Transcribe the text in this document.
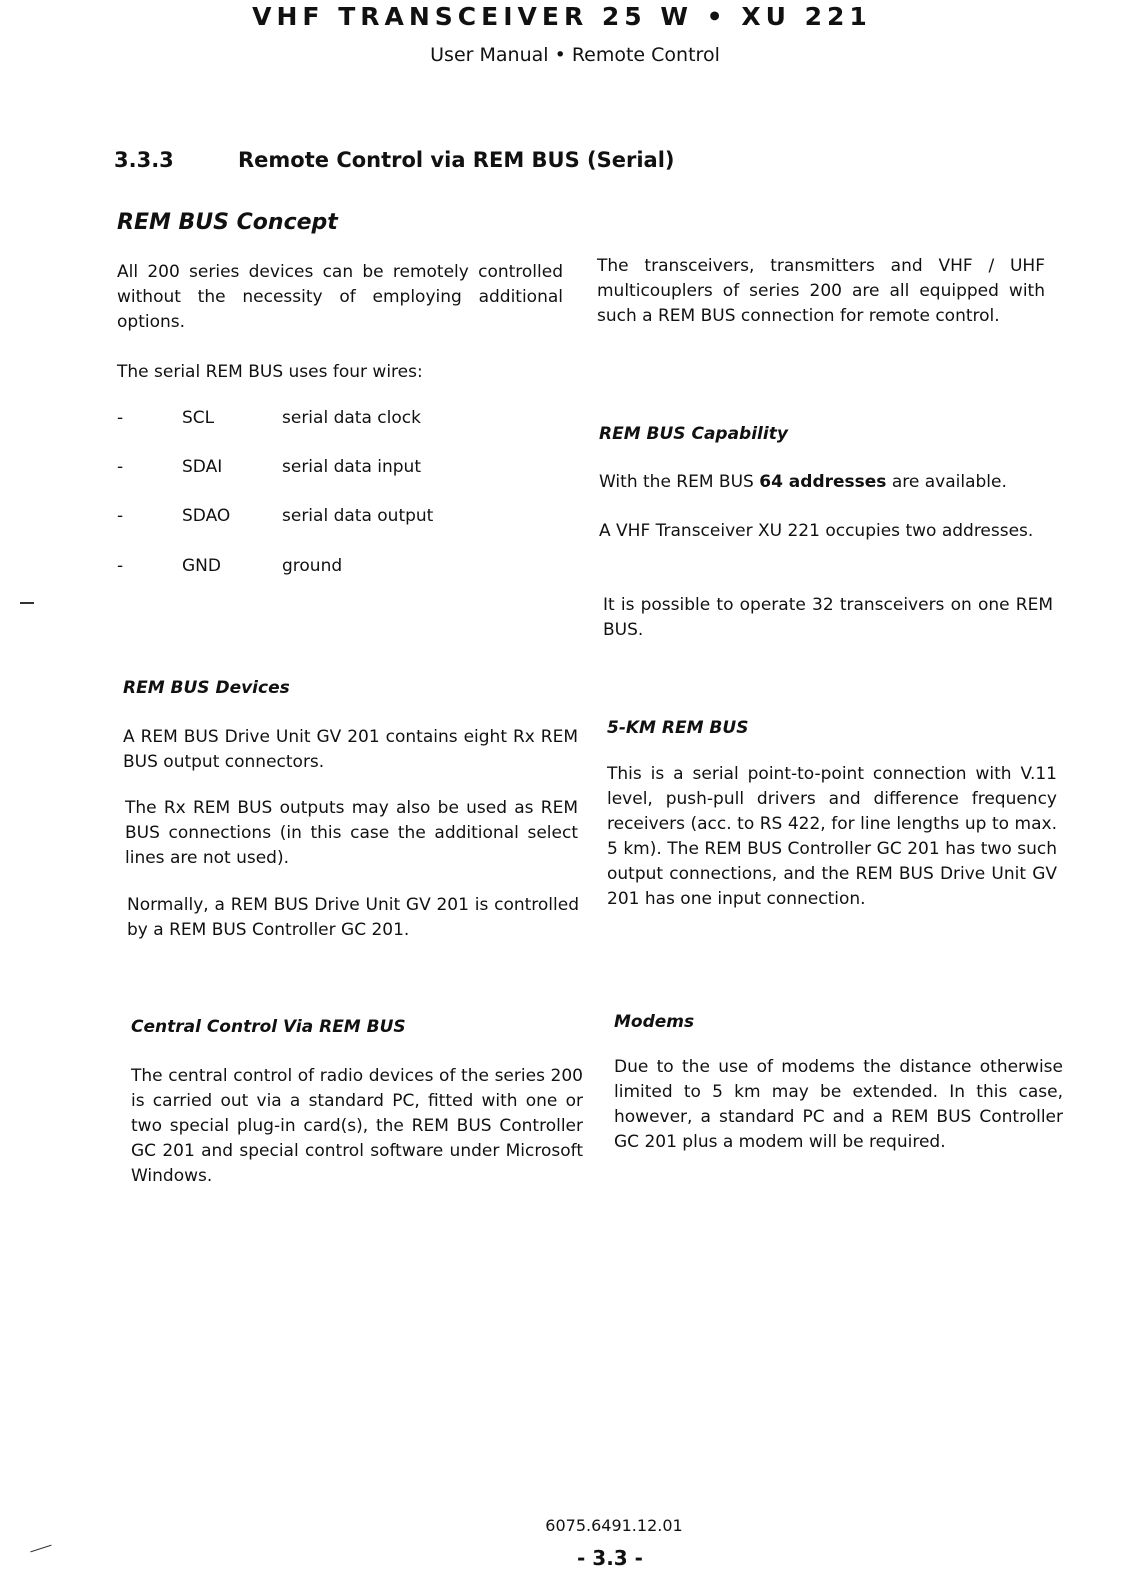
VHF TRANSCEIVER 25 W • XU 221
User Manual • Remote Control
3.3.3	Remote Control via REM BUS (Serial)
REM BUS Concept
All 200 series devices can be remotely controlled without the necessity of employing additional options.
The serial REM BUS uses four wires:
-	SCL	serial data clock
-	SDAI	serial data input
-	SDAO	serial data output
-	GND	ground
The transceivers, transmitters and VHF / UHF multicouplers of series 200 are all equipped with such a REM BUS connection for remote control.
REM BUS Capability
With the REM BUS 64 addresses are available.
A VHF Transceiver XU 221 occupies two addresses.
It is possible to operate 32 transceivers on one REM BUS.
REM BUS Devices
A REM BUS Drive Unit GV 201 contains eight Rx REM BUS output connectors.
The Rx REM BUS outputs may also be used as REM BUS connections (in this case the additional select lines are not used).
Normally, a REM BUS Drive Unit GV 201 is controlled by a REM BUS Controller GC 201.
5-KM REM BUS
This is a serial point-to-point connection with V.11 level, push-pull drivers and difference frequency receivers (acc. to RS 422, for line lengths up to max. 5 km). The REM BUS Controller GC 201 has two such output connections, and the REM BUS Drive Unit GV 201 has one input connection.
Central Control Via REM BUS
The central control of radio devices of the series 200 is carried out via a standard PC, fitted with one or two special plug-in card(s), the REM BUS Controller GC 201 and special control software under Microsoft Windows.
Modems
Due to the use of modems the distance otherwise limited to 5 km may be extended. In this case, however, a standard PC and a REM BUS Controller GC 201 plus a modem will be required.
6075.6491.12.01
- 3.3 -
